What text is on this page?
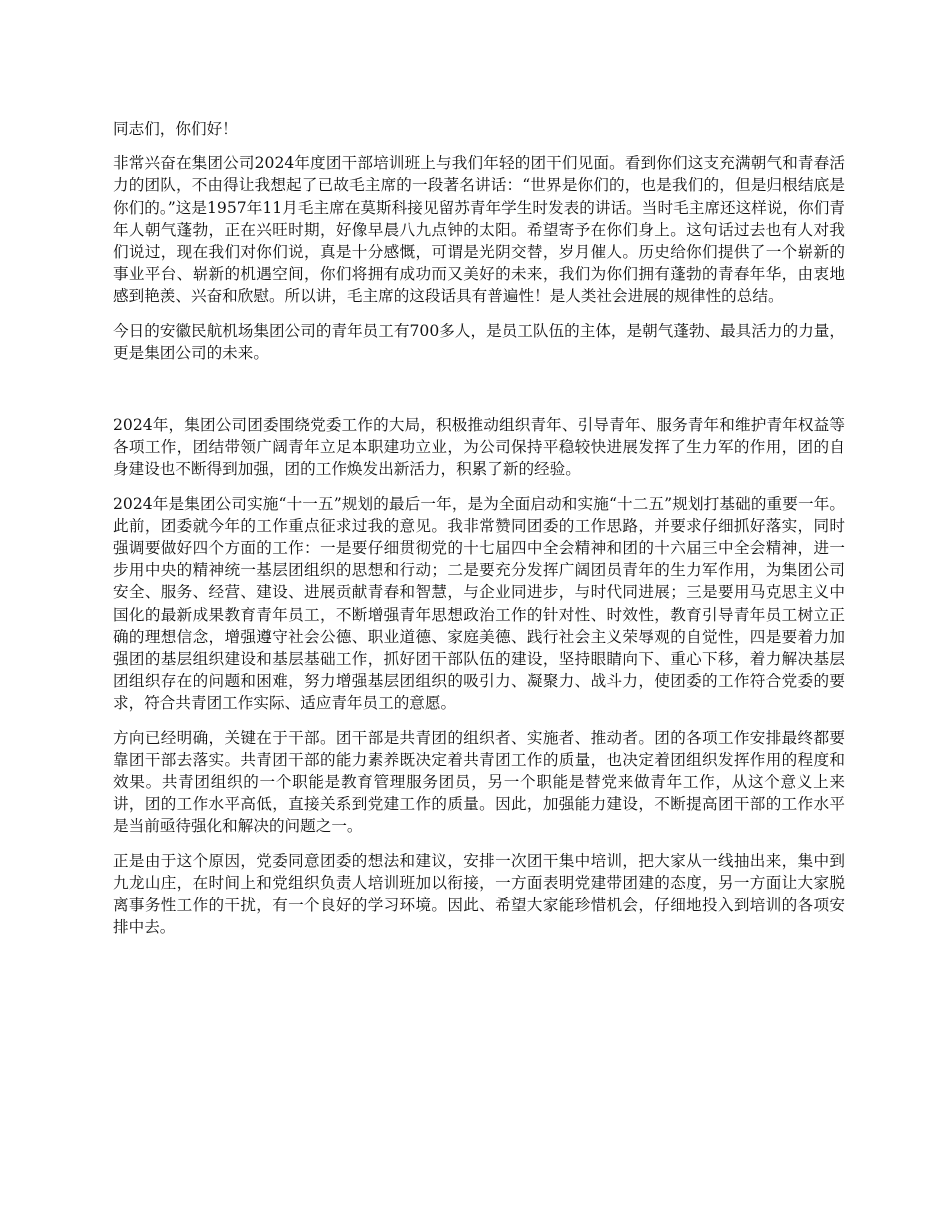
同志们，你们好！

非常兴奋在集团公司2024年度团干部培训班上与我们年轻的团干们见面。看到你们这支充满朝气和青春活力的团队，不由得让我想起了已故毛主席的一段著名讲话：“世界是你们的，也是我们的，但是归根结底是你们的。”这是1957年11月毛主席在莫斯科接见留苏青年学生时发表的讲话。当时毛主席还这样说，你们青年人朝气蓬勃，正在兴旺时期，好像早晨八九点钟的太阳。希望寄予在你们身上。这句话过去也有人对我们说过，现在我们对你们说，真是十分感慨，可谓是光阴交替，岁月催人。历史给你们提供了一个崭新的事业平台、崭新的机遇空间，你们将拥有成功而又美好的未来，我们为你们拥有蓬勃的青春年华，由衷地感到艳羡、兴奋和欣慰。所以讲，毛主席的这段话具有普遍性！是人类社会进展的规律性的总结。

今日的安徽民航机场集团公司的青年员工有700多人，是员工队伍的主体，是朝气蓬勃、最具活力的力量，更是集团公司的未来。

2024年，集团公司团委围绕党委工作的大局，积极推动组织青年、引导青年、服务青年和维护青年权益等各项工作，团结带领广阔青年立足本职建功立业，为公司保持平稳较快进展发挥了生力军的作用，团的自身建设也不断得到加强，团的工作焕发出新活力，积累了新的经验。

2024年是集团公司实施“十一五”规划的最后一年，是为全面启动和实施“十二五”规划打基础的重要一年。此前，团委就今年的工作重点征求过我的意见。我非常赞同团委的工作思路，并要求仔细抓好落实，同时强调要做好四个方面的工作：一是要仔细贯彻党的十七届四中全会精神和团的十六届三中全会精神，进一步用中央的精神统一基层团组织的思想和行动；二是要充分发挥广阔团员青年的生力军作用，为集团公司安全、服务、经营、建设、进展贡献青春和智慧，与企业同进步，与时代同进展；三是要用马克思主义中国化的最新成果教育青年员工，不断增强青年思想政治工作的针对性、时效性，教育引导青年员工树立正确的理想信念，增强遵守社会公德、职业道德、家庭美德、践行社会主义荣辱观的自觉性，四是要着力加强团的基层组织建设和基层基础工作，抓好团干部队伍的建设，坚持眼睛向下、重心下移，着力解决基层团组织存在的问题和困难，努力增强基层团组织的吸引力、凝聚力、战斗力，使团委的工作符合党委的要求，符合共青团工作实际、适应青年员工的意愿。

方向已经明确，关键在于干部。团干部是共青团的组织者、实施者、推动者。团的各项工作安排最终都要靠团干部去落实。共青团干部的能力素养既决定着共青团工作的质量，也决定着团组织发挥作用的程度和效果。共青团组织的一个职能是教育管理服务团员，另一个职能是替党来做青年工作，从这个意义上来讲，团的工作水平高低，直接关系到党建工作的质量。因此，加强能力建设，不断提高团干部的工作水平是当前亟待强化和解决的问题之一。

正是由于这个原因，党委同意团委的想法和建议，安排一次团干集中培训，把大家从一线抽出来，集中到九龙山庄，在时间上和党组织负责人培训班加以衔接，一方面表明党建带团建的态度，另一方面让大家脱离事务性工作的干扰，有一个良好的学习环境。因此、希望大家能珍惜机会，仔细地投入到培训的各项安排中去。
